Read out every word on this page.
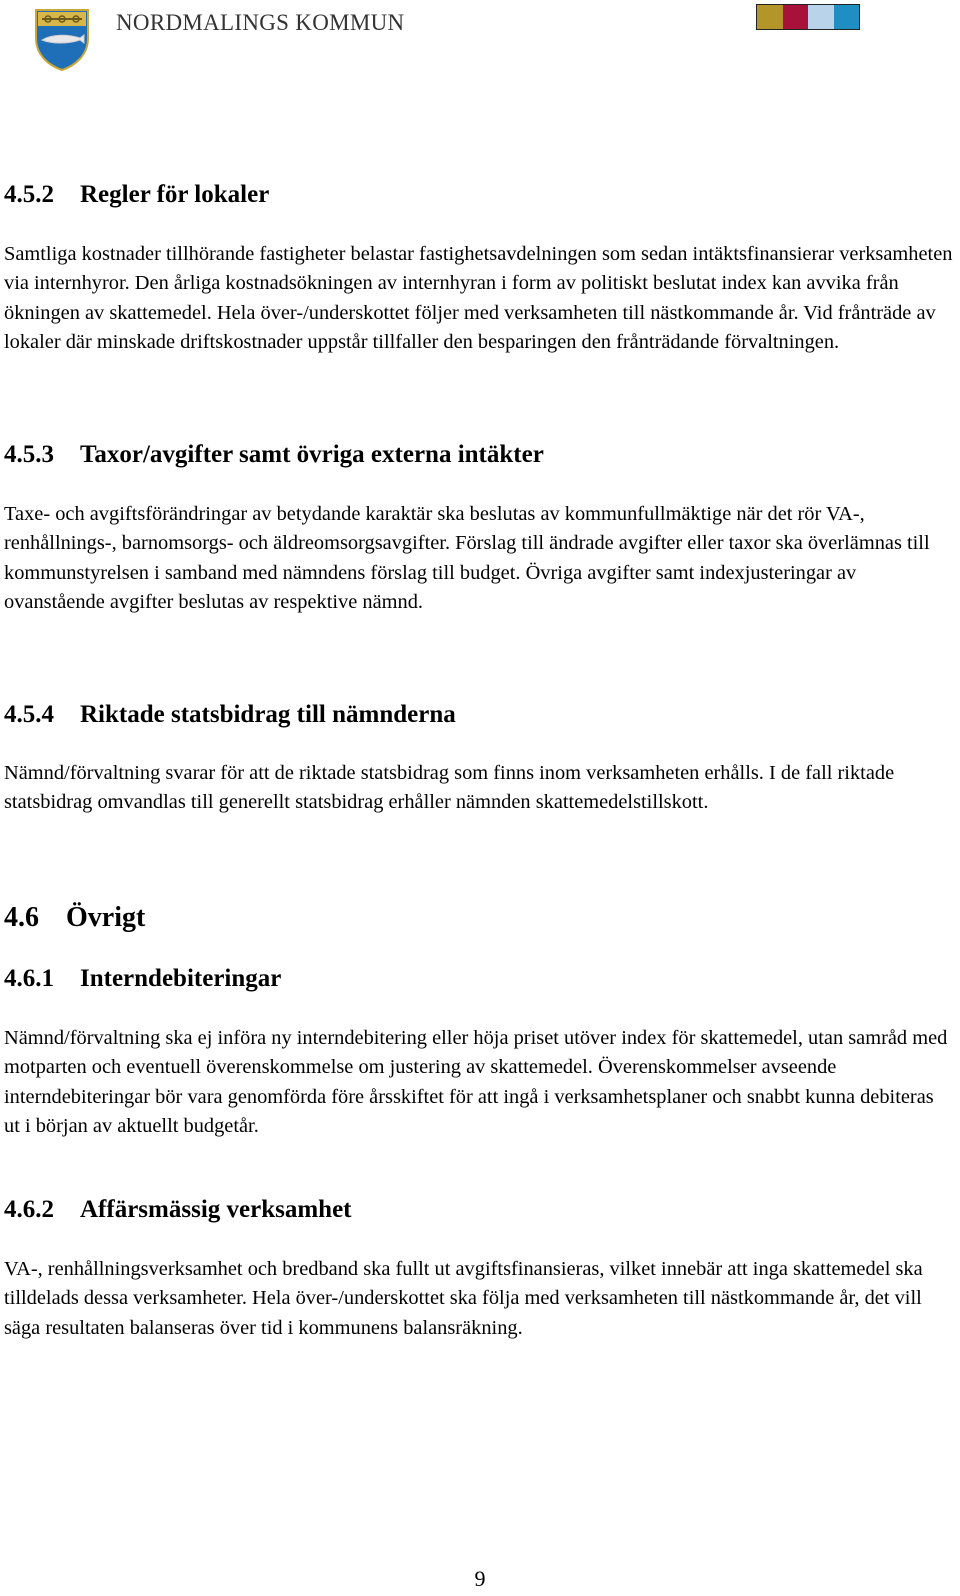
NORDMALINGS KOMMUN
4.5.2 Regler för lokaler
Samtliga kostnader tillhörande fastigheter belastar fastighetsavdelningen som sedan intäktsfinansierar verksamheten via internhyror. Den årliga kostnadsökningen av internhyran i form av politiskt beslutat index kan avvika från ökningen av skattemedel. Hela över-/underskottet följer med verksamheten till nästkommande år. Vid frånträde av lokaler där minskade driftskostnader uppstår tillfaller den besparingen den frånträdande förvaltningen.
4.5.3 Taxor/avgifter samt övriga externa intäkter
Taxe- och avgiftsförändringar av betydande karaktär ska beslutas av kommunfullmäktige när det rör VA-, renhållnings-, barnomsorgs- och äldreomsorgsavgifter. Förslag till ändrade avgifter eller taxor ska överlämnas till kommunstyrelsen i samband med nämndens förslag till budget. Övriga avgifter samt indexjusteringar av ovanstående avgifter beslutas av respektive nämnd.
4.5.4 Riktade statsbidrag till nämnderna
Nämnd/förvaltning svarar för att de riktade statsbidrag som finns inom verksamheten erhålls. I de fall riktade statsbidrag omvandlas till generellt statsbidrag erhåller nämnden skattemedelstillskott.
4.6 Övrigt
4.6.1 Interndebiteringar
Nämnd/förvaltning ska ej införa ny interndebitering eller höja priset utöver index för skattemedel, utan samråd med motparten och eventuell överenskommelse om justering av skattemedel. Överenskommelser avseende interndebiteringar bör vara genomförda före årsskiftet för att ingå i verksamhetsplaner och snabbt kunna debiteras ut i början av aktuellt budgetår.
4.6.2 Affärsmässig verksamhet
VA-, renhållningsverksamhet och bredband ska fullt ut avgiftsfinansieras, vilket innebär att inga skattemedel ska tilldelads dessa verksamheter. Hela över-/underskottet ska följa med verksamheten till nästkommande år, det vill säga resultaten balanseras över tid i kommunens balansräkning.
9
